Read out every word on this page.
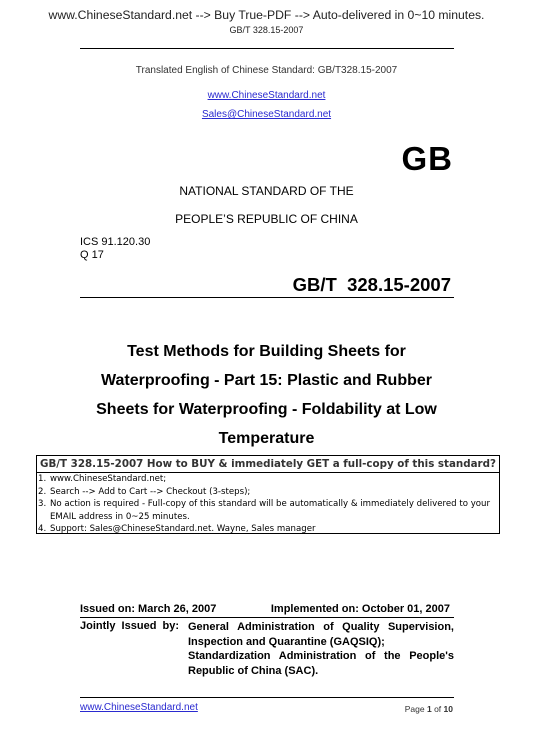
www.ChineseStandard.net --> Buy True-PDF --> Auto-delivered in 0~10 minutes.
GB/T 328.15-2007
Translated English of Chinese Standard: GB/T328.15-2007
www.ChineseStandard.net
Sales@ChineseStandard.net
GB
NATIONAL STANDARD OF THE
PEOPLE’S REPUBLIC OF CHINA
ICS 91.120.30
Q 17
GB/T  328.15-2007
Test Methods for Building Sheets for
Waterproofing - Part 15: Plastic and Rubber
Sheets for Waterproofing - Foldability at Low
Temperature
GB/T 328.15-2007 How to BUY & immediately GET a full-copy of this standard?
1. www.ChineseStandard.net;
2. Search --> Add to Cart --> Checkout (3-steps);
3. No action is required - Full-copy of this standard will be automatically & immediately delivered to your EMAIL address in 0~25 minutes.
4. Support: Sales@ChineseStandard.net. Wayne, Sales manager
Issued on: March 26, 2007	Implemented on: October 01, 2007
Jointly  Issued  by: General Administration of Quality Supervision, Inspection and Quarantine (GAQSIQ);

Standardization Administration of the People's Republic of China (SAC).

www.ChineseStandard.net	Page 1 of 10
